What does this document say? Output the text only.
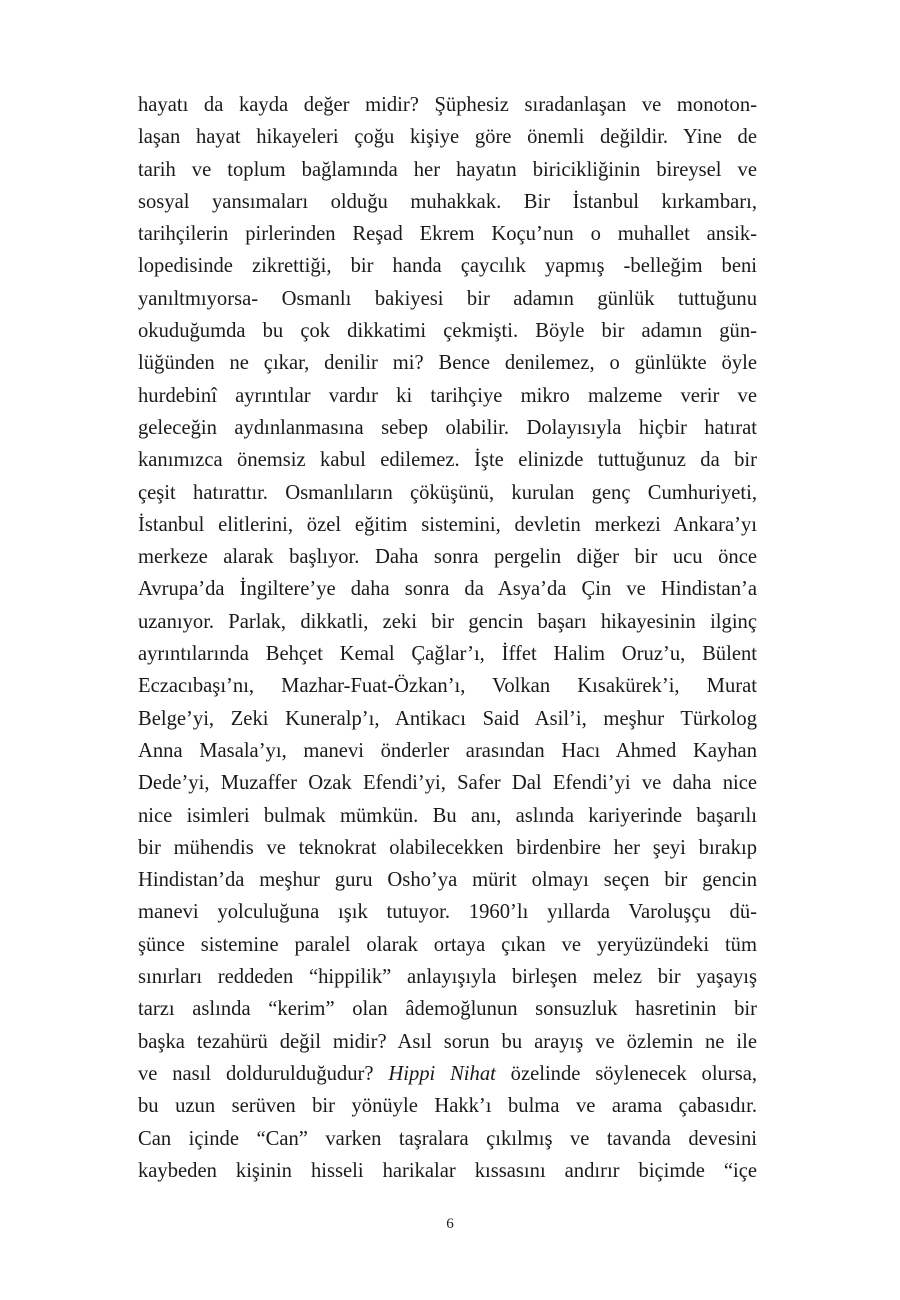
hayatı da kayda değer midir? Şüphesiz sıradanlaşan ve monoton-
laşan hayat hikayeleri çoğu kişiye göre önemli değildir. Yine de
tarih ve toplum bağlamında her hayatın biricikliğinin bireysel ve
sosyal yansımaları olduğu muhakkak. Bir İstanbul kırkambarı,
tarihçilerin pirlerinden Reşad Ekrem Koçu’nun o muhallet ansik-
lopedisinde zikrettiği, bir handa çaycılık yapmış -belleğim beni
yanıltmıyorsa- Osmanlı bakiyesi bir adamın günlük tuttuğunu
okuduğumda bu çok dikkatimi çekmişti. Böyle bir adamın gün-
lüğünden ne çıkar, denilir mi? Bence denilemez, o günlükte öyle
hurdebinî ayrıntılar vardır ki tarihçiye mikro malzeme verir ve
geleceğin aydınlanmasına sebep olabilir. Dolayısıyla hiçbir hatırat
kanımızca önemsiz kabul edilemez. İşte elinizde tuttuğunuz da bir
çeşit hatırattır. Osmanlıların çöküşünü, kurulan genç Cumhuriyeti,
İstanbul elitlerini, özel eğitim sistemini, devletin merkezi Ankara’yı
merkeze alarak başlıyor. Daha sonra pergelin diğer bir ucu önce
Avrupa’da İngiltere’ye daha sonra da Asya’da Çin ve Hindistan’a
uzanıyor. Parlak, dikkatli, zeki bir gencin başarı hikayesinin ilginç
ayrıntılarında Behçet Kemal Çağlar’ı, İffet Halim Oruz’u, Bülent
Eczacıbaşı’nı, Mazhar-Fuat-Özkan’ı, Volkan Kısakürek’i, Murat
Belge’yi, Zeki Kuneralp’ı, Antikacı Said Asil’i, meşhur Türkolog
Anna Masala’yı, manevi önderler arasından Hacı Ahmed Kayhan
Dede’yi, Muzaffer Ozak Efendi’yi, Safer Dal Efendi’yi ve daha nice
nice isimleri bulmak mümkün. Bu anı, aslında kariyerinde başarılı
bir mühendis ve teknokrat olabilecekken birdenbire her şeyi bırakıp
Hindistan’da meşhur guru Osho’ya mürit olmayı seçen bir gencin
manevi yolculuğuna ışık tutuyor. 1960’lı yıllarda Varoluşçu dü-
şünce sistemine paralel olarak ortaya çıkan ve yeryüzündeki tüm
sınırları reddeden “hippilik” anlayışıyla birleşen melez bir yaşayış
tarzı aslında “kerim” olan âdemoğlunun sonsuzluk hasretinin bir
başka tezahürü değil midir? Asıl sorun bu arayış ve özlemin ne ile
ve nasıl doldurulduğudur? Hippi Nihat özelinde söylenecek olursa,
bu uzun serüven bir yönüyle Hakk’ı bulma ve arama çabasıdır.
Can içinde “Can” varken taşralara çıkılmış ve tavanda devesini
kaybeden kişinin hisseli harikalar kıssasını andırır biçimde “içe
6
